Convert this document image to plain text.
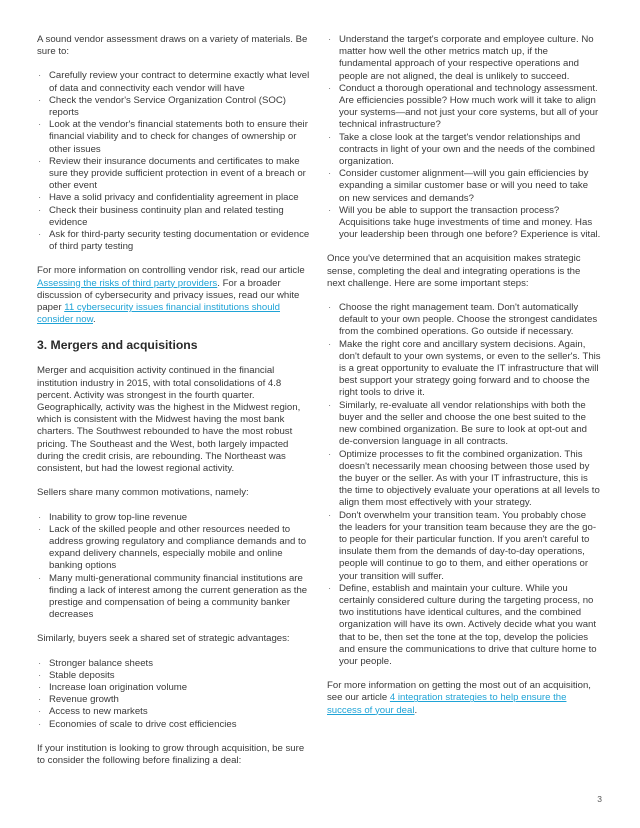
A sound vendor assessment draws on a variety of materials. Be sure to:

· Carefully review your contract to determine exactly what level of data and connectivity each vendor will have
· Check the vendor's Service Organization Control (SOC) reports
· Look at the vendor's financial statements both to ensure their financial viability and to check for changes of ownership or other issues
· Review their insurance documents and certificates to make sure they provide sufficient protection in event of a breach or other event
· Have a solid privacy and confidentiality agreement in place
· Check their business continuity plan and related testing evidence
· Ask for third-party security testing documentation or evidence of third party testing

For more information on controlling vendor risk, read our article Assessing the risks of third party providers. For a broader discussion of cybersecurity and privacy issues, read our white paper 11 cybersecurity issues financial institutions should consider now.

3. Mergers and acquisitions

Merger and acquisition activity continued in the financial institution industry in 2015, with total consolidations of 4.8 percent. Activity was strongest in the fourth quarter. Geographically, activity was the highest in the Midwest region, which is consistent with the Midwest having the most bank charters. The Southwest rebounded to have the most robust pricing. The Southeast and the West, both largely impacted during the credit crisis, are rebounding. The Northeast was consistent, but had the lowest regional activity.

Sellers share many common motivations, namely:

· Inability to grow top-line revenue
· Lack of the skilled people and other resources needed to address growing regulatory and compliance demands and to expand delivery channels, especially mobile and online banking options
· Many multi-generational community financial institutions are finding a lack of interest among the current generation as the prestige and compensation of being a community banker decreases

Similarly, buyers seek a shared set of strategic advantages:

· Stronger balance sheets
· Stable deposits
· Increase loan origination volume
· Revenue growth
· Access to new markets
· Economies of scale to drive cost efficiencies

If your institution is looking to grow through acquisition, be sure to consider the following before finalizing a deal:

· Understand the target's corporate and employee culture. No matter how well the other metrics match up, if the fundamental approach of your respective operations and people are not aligned, the deal is unlikely to succeed.
· Conduct a thorough operational and technology assessment. Are efficiencies possible? How much work will it take to align your systems—and not just your core systems, but all of your technical infrastructure?
· Take a close look at the target's vendor relationships and contracts in light of your own and the needs of the combined organization.
· Consider customer alignment—will you gain efficiencies by expanding a similar customer base or will you need to take on new services and demands?
· Will you be able to support the transaction process? Acquisitions take huge investments of time and money. Has your leadership been through one before? Experience is vital.

Once you've determined that an acquisition makes strategic sense, completing the deal and integrating operations is the next challenge. Here are some important steps:

· Choose the right management team. Don't automatically default to your own people. Choose the strongest candidates from the combined operations. Go outside if necessary.
· Make the right core and ancillary system decisions. Again, don't default to your own systems, or even to the seller's. This is a great opportunity to evaluate the IT infrastructure that will best support your strategy going forward and to choose the right tools to drive it.
· Similarly, re-evaluate all vendor relationships with both the buyer and the seller and choose the one best suited to the new combined organization. Be sure to look at opt-out and de-conversion language in all contracts.
· Optimize processes to fit the combined organization. This doesn't necessarily mean choosing between those used by the buyer or the seller. As with your IT infrastructure, this is the time to objectively evaluate your operations at all levels to align them most effectively with your strategy.
· Don't overwhelm your transition team. You probably chose the leaders for your transition team because they are the go-to people for their particular function. If you aren't careful to insulate them from the demands of day-to-day operations, people will continue to go to them, and either operations or your transition will suffer.
· Define, establish and maintain your culture. While you certainly considered culture during the targeting process, no two institutions have identical cultures, and the combined organization will have its own. Actively decide what you want that to be, then set the tone at the top, develop the policies and ensure the communications to drive that culture home to your people.

For more information on getting the most out of an acquisition, see our article 4 integration strategies to help ensure the success of your deal.

3
